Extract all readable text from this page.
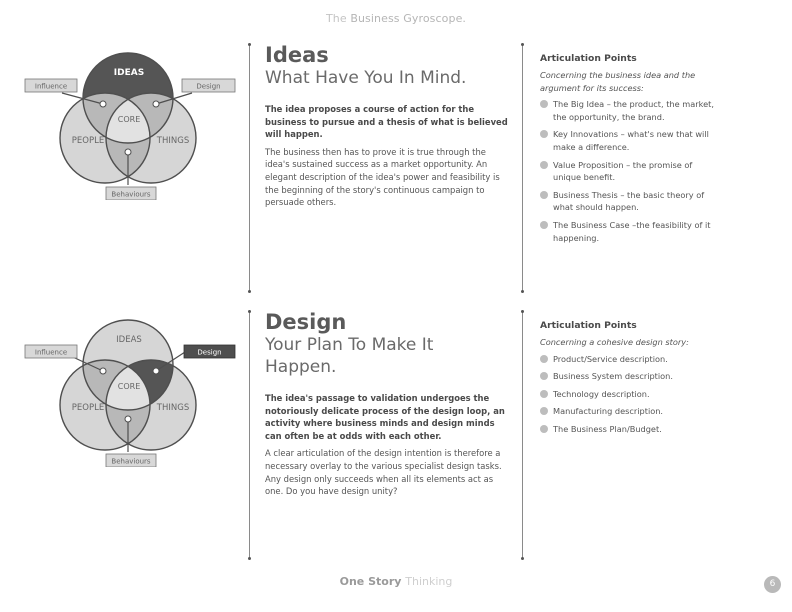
The Business Gyroscope.
IDEAS
CORE
PEOPLE	THINGS
Influence	Design
Behaviours
Ideas
What Have You In Mind.

The idea proposes a course of action for the business to pursue and a thesis of what is believed will happen.

The business then has to prove it is true through the idea's sustained success as a market opportunity. An elegant description of the idea's power and feasibility is the beginning of the story's continuous campaign to persuade others.

Articulation Points

Concerning the business idea and the argument for its success:

The Big Idea – the product, the market, the opportunity, the brand.
Key Innovations – what's new that will make a difference.
Value Proposition – the promise of unique benefit.
Business Thesis – the basic theory of what should happen.
The Business Case –the feasibility of it happening.
IDEAS
CORE
PEOPLE	THINGS
Influence	Design
Behaviours
Design
Your Plan To Make It Happen.

The idea's passage to validation undergoes the notoriously delicate process of the design loop, an activity where business minds and design minds can often be at odds with each other.

A clear articulation of the design intention is therefore a necessary overlay to the various specialist design tasks. Any design only succeeds when all its elements act as one. Do you have design unity?

Articulation Points

Concerning a cohesive design story:

Product/Service description.
Business System description.
Technology description.
Manufacturing description.
The Business Plan/Budget.
One Story Thinking	6
